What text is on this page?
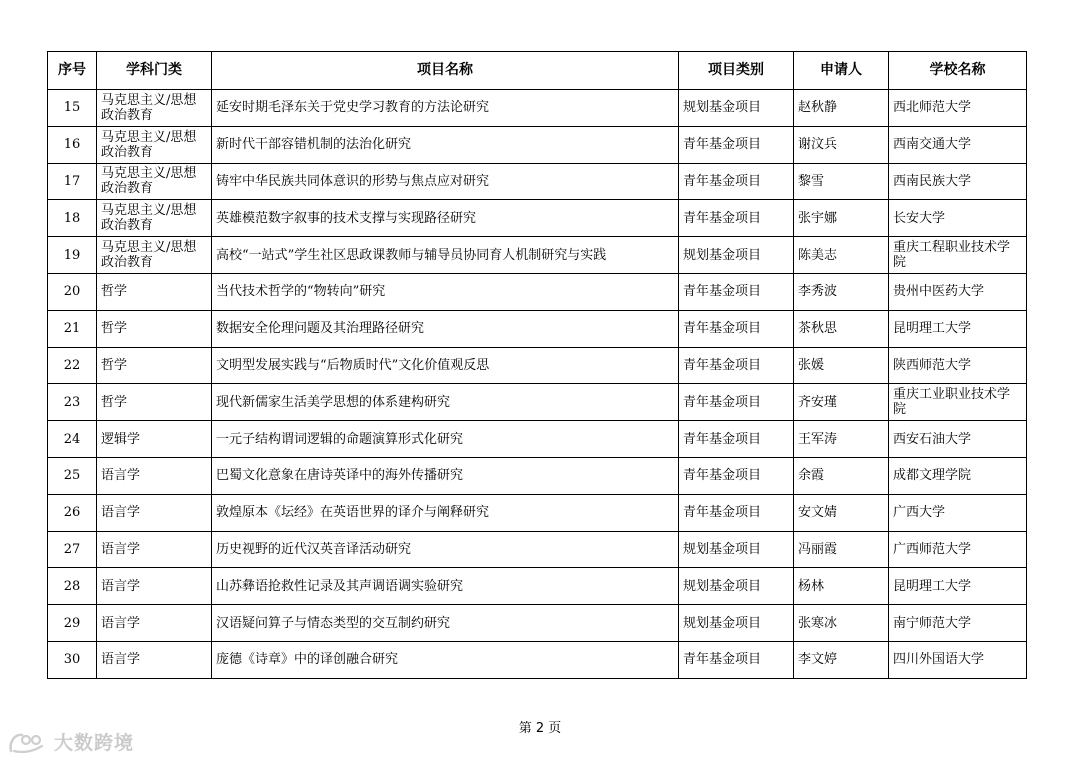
序号	学科门类	项目名称	项目类别	申请人	学校名称
15	马克思主义/思想政治教育	延安时期毛泽东关于党史学习教育的方法论研究	规划基金项目	赵秋静	西北师范大学
16	马克思主义/思想政治教育	新时代干部容错机制的法治化研究	青年基金项目	谢汶兵	西南交通大学
17	马克思主义/思想政治教育	铸牢中华民族共同体意识的形势与焦点应对研究	青年基金项目	黎雪	西南民族大学
18	马克思主义/思想政治教育	英雄模范数字叙事的技术支撑与实现路径研究	青年基金项目	张宇娜	长安大学
19	马克思主义/思想政治教育	高校“一站式”学生社区思政课教师与辅导员协同育人机制研究与实践	规划基金项目	陈美志	重庆工程职业技术学院
20	哲学	当代技术哲学的“物转向”研究	青年基金项目	李秀波	贵州中医药大学
21	哲学	数据安全伦理问题及其治理路径研究	青年基金项目	茶秋思	昆明理工大学
22	哲学	文明型发展实践与“后物质时代”文化价值观反思	青年基金项目	张媛	陕西师范大学
23	哲学	现代新儒家生活美学思想的体系建构研究	青年基金项目	齐安瑾	重庆工业职业技术学院
24	逻辑学	一元子结构谓词逻辑的命题演算形式化研究	青年基金项目	王军涛	西安石油大学
25	语言学	巴蜀文化意象在唐诗英译中的海外传播研究	青年基金项目	余霞	成都文理学院
26	语言学	敦煌原本《坛经》在英语世界的译介与阐释研究	青年基金项目	安文婧	广西大学
27	语言学	历史视野的近代汉英音译活动研究	规划基金项目	冯丽霞	广西师范大学
28	语言学	山苏彝语抢救性记录及其声调语调实验研究	规划基金项目	杨林	昆明理工大学
29	语言学	汉语疑问算子与情态类型的交互制约研究	规划基金项目	张寒冰	南宁师范大学
30	语言学	庞德《诗章》中的译创融合研究	青年基金项目	李文婷	四川外国语大学
第 2 页
大数跨境
